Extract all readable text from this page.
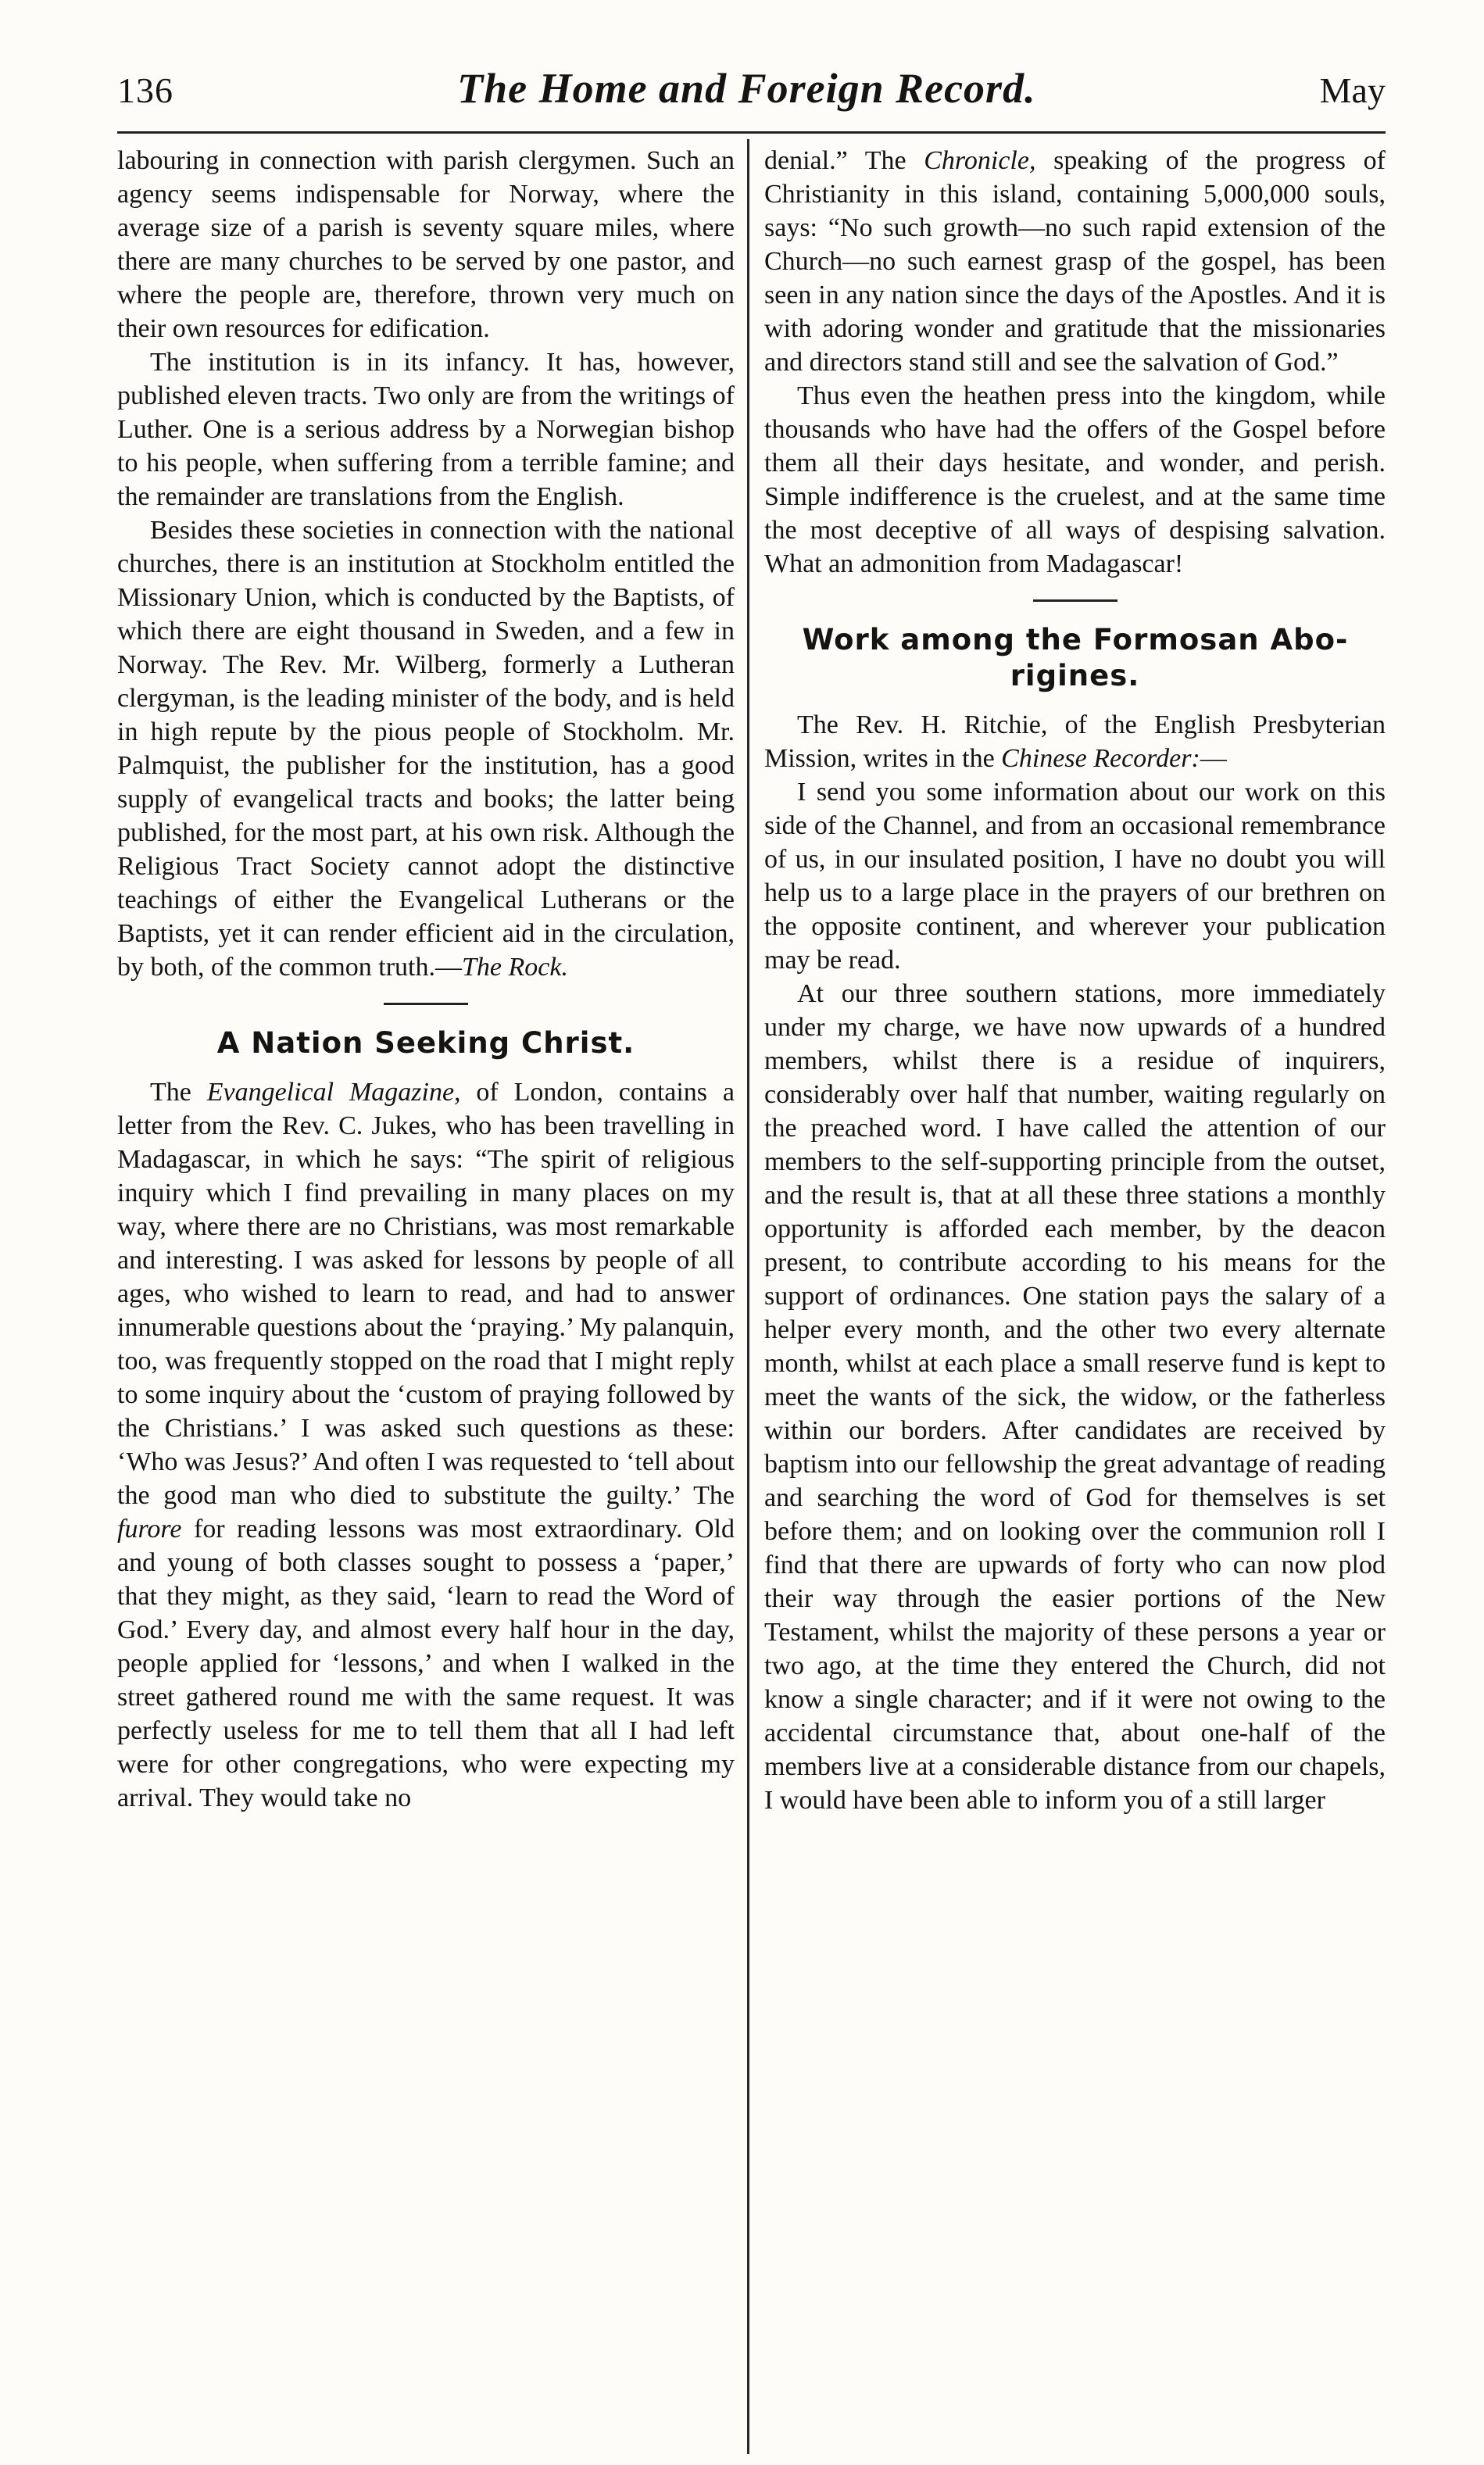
136	The Home and Foreign Record.	May

labouring in connection with parish clergymen. Such an agency seems indispensable for Norway, where the average size of a parish is seventy square miles, where there are many churches to be served by one pastor, and where the people are, therefore, thrown very much on their own resources for edification.

The institution is in its infancy. It has, however, published eleven tracts. Two only are from the writings of Luther. One is a serious address by a Norwegian bishop to his people, when suffering from a terrible famine; and the remainder are translations from the English.

Besides these societies in connection with the national churches, there is an institution at Stockholm entitled the Missionary Union, which is conducted by the Baptists, of which there are eight thousand in Sweden, and a few in Norway. The Rev. Mr. Wilberg, formerly a Lutheran clergyman, is the leading minister of the body, and is held in high repute by the pious people of Stockholm. Mr. Palmquist, the publisher for the institution, has a good supply of evangelical tracts and books; the latter being published, for the most part, at his own risk. Although the Religious Tract Society cannot adopt the distinctive teachings of either the Evangelical Lutherans or the Baptists, yet it can render efficient aid in the circulation, by both, of the common truth.—The Rock.

A Nation Seeking Christ.

The Evangelical Magazine, of London, contains a letter from the Rev. C. Jukes, who has been travelling in Madagascar, in which he says: “The spirit of religious inquiry which I find prevailing in many places on my way, where there are no Christians, was most remarkable and interesting. I was asked for lessons by people of all ages, who wished to learn to read, and had to answer innumerable questions about the ‘praying.’ My palanquin, too, was frequently stopped on the road that I might reply to some inquiry about the ‘custom of praying followed by the Christians.’ I was asked such questions as these: ‘Who was Jesus?’ And often I was requested to ‘tell about the good man who died to substitute the guilty.’ The furore for reading lessons was most extraordinary. Old and young of both classes sought to possess a ‘paper,’ that they might, as they said, ‘learn to read the Word of God.’ Every day, and almost every half hour in the day, people applied for ‘lessons,’ and when I walked in the street gathered round me with the same request. It was perfectly useless for me to tell them that all I had left were for other congregations, who were expecting my arrival. They would take no

denial.” The Chronicle, speaking of the progress of Christianity in this island, containing 5,000,000 souls, says: “No such growth—no such rapid extension of the Church—no such earnest grasp of the gospel, has been seen in any nation since the days of the Apostles. And it is with adoring wonder and gratitude that the missionaries and directors stand still and see the salvation of God.”

Thus even the heathen press into the kingdom, while thousands who have had the offers of the Gospel before them all their days hesitate, and wonder, and perish. Simple indifference is the cruelest, and at the same time the most deceptive of all ways of despising salvation. What an admonition from Madagascar!

Work among the Formosan Aborigines.

The Rev. H. Ritchie, of the English Presbyterian Mission, writes in the Chinese Recorder:—

I send you some information about our work on this side of the Channel, and from an occasional remembrance of us, in our insulated position, I have no doubt you will help us to a large place in the prayers of our brethren on the opposite continent, and wherever your publication may be read.

At our three southern stations, more immediately under my charge, we have now upwards of a hundred members, whilst there is a residue of inquirers, considerably over half that number, waiting regularly on the preached word. I have called the attention of our members to the self-supporting principle from the outset, and the result is, that at all these three stations a monthly opportunity is afforded each member, by the deacon present, to contribute according to his means for the support of ordinances. One station pays the salary of a helper every month, and the other two every alternate month, whilst at each place a small reserve fund is kept to meet the wants of the sick, the widow, or the fatherless within our borders. After candidates are received by baptism into our fellowship the great advantage of reading and searching the word of God for themselves is set before them; and on looking over the communion roll I find that there are upwards of forty who can now plod their way through the easier portions of the New Testament, whilst the majority of these persons a year or two ago, at the time they entered the Church, did not know a single character; and if it were not owing to the accidental circumstance that, about one-half of the members live at a considerable distance from our chapels, I would have been able to inform you of a still larger
